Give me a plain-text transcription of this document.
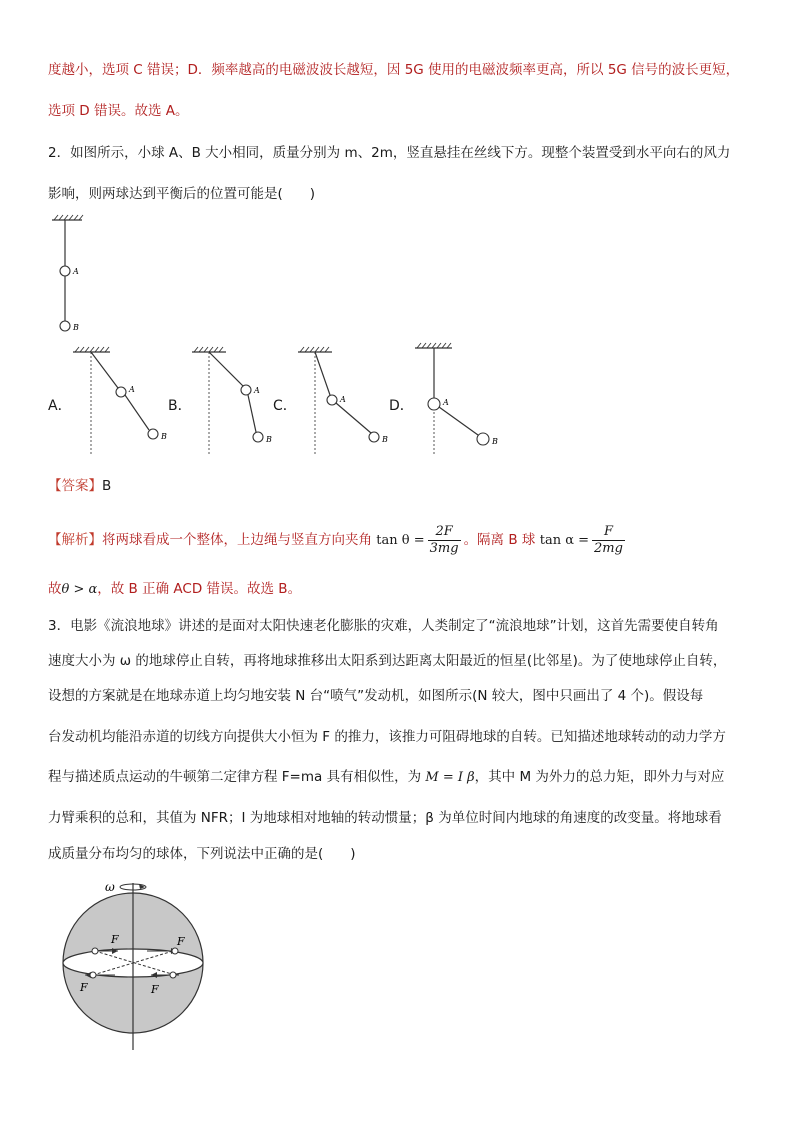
度越小，选项 C 错误；D．频率越高的电磁波波长越短，因 5G 使用的电磁波频率更高，所以 5G 信号的波长更短，
选项 D 错误。故选 A。
2．如图所示，小球 A、B 大小相同，质量分别为 m、2m，竖直悬挂在丝线下方。现整个装置受到水平向右的风力
影响，则两球达到平衡后的位置可能是(　　)
A
B
A．	B．	C．	D．
A
B
A
B
A
B
A
B
【答案】B
【解析】将两球看成一个整体，上边绳与竖直方向夹角 $\tan \theta = \frac{2F}{3mg}$ 。隔离 B 球 $\tan \alpha = \frac{F}{2mg}$
故θ > α，故 B 正确 ACD 错误。故选 B。
3．电影《流浪地球》讲述的是面对太阳快速老化膨胀的灾难，人类制定了“流浪地球”计划，这首先需要使自转角
速度大小为 ω 的地球停止自转，再将地球推移出太阳系到达距离太阳最近的恒星(比邻星)。为了使地球停止自转，
设想的方案就是在地球赤道上均匀地安装 N 台“喷气”发动机，如图所示(N 较大，图中只画出了 4 个)。假设每
台发动机均能沿赤道的切线方向提供大小恒为 F 的推力，该推力可阻碍地球的自转。已知描述地球转动的动力学方
程与描述质点运动的牛顿第二定律方程 F=ma 具有相似性，为 M = I β，其中 M 为外力的总力矩，即外力与对应
力臂乘积的总和，其值为 NFR；I 为地球相对地轴的转动惯量；β 为单位时间内地球的角速度的改变量。将地球看
成质量分布均匀的球体，下列说法中正确的是(　　)
ω
F	F
F	F
